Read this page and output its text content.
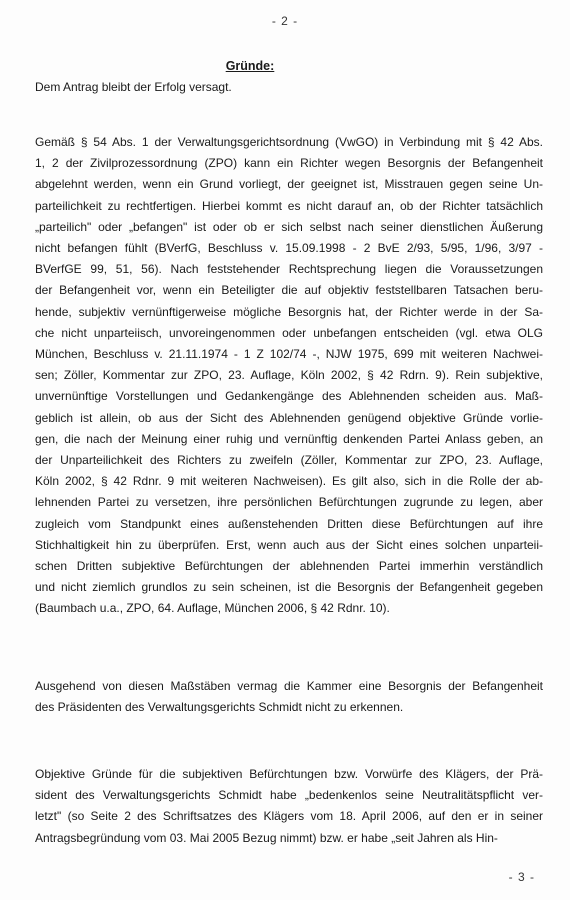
- 2 -
Gründe:
Dem Antrag bleibt der Erfolg versagt.
Gemäß § 54 Abs. 1 der Verwaltungsgerichtsordnung (VwGO) in Verbindung mit § 42 Abs.
1, 2 der Zivilprozessordnung (ZPO) kann ein Richter wegen Besorgnis der Befangenheit
abgelehnt werden, wenn ein Grund vorliegt, der geeignet ist, Misstrauen gegen seine Un-
parteilichkeit zu rechtfertigen. Hierbei kommt es nicht darauf an, ob der Richter tatsächlich
„parteilich" oder „befangen" ist oder ob er sich selbst nach seiner dienstlichen Äußerung
nicht befangen fühlt (BVerfG, Beschluss v. 15.09.1998 - 2 BvE 2/93, 5/95, 1/96, 3/97 -
BVerfGE 99, 51, 56). Nach feststehender Rechtsprechung liegen die Voraussetzungen
der Befangenheit vor, wenn ein Beteiligter die auf objektiv feststellbaren Tatsachen beru-
hende, subjektiv vernünftigerweise mögliche Besorgnis hat, der Richter werde in der Sa-
che nicht unparteiisch, unvoreingenommen oder unbefangen entscheiden (vgl. etwa OLG
München, Beschluss v. 21.11.1974 - 1 Z 102/74 -, NJW 1975, 699 mit weiteren Nachwei-
sen; Zöller, Kommentar zur ZPO, 23. Auflage, Köln 2002, § 42 Rdrn. 9). Rein subjektive,
unvernünftige Vorstellungen und Gedankengänge des Ablehnenden scheiden aus. Maß-
geblich ist allein, ob aus der Sicht des Ablehnenden genügend objektive Gründe vorlie-
gen, die nach der Meinung einer ruhig und vernünftig denkenden Partei Anlass geben, an
der Unparteilichkeit des Richters zu zweifeln (Zöller, Kommentar zur ZPO, 23. Auflage,
Köln 2002, § 42 Rdnr. 9 mit weiteren Nachweisen). Es gilt also, sich in die Rolle der ab-
lehnenden Partei zu versetzen, ihre persönlichen Befürchtungen zugrunde zu legen, aber
zugleich vom Standpunkt eines außenstehenden Dritten diese Befürchtungen auf ihre
Stichhaltigkeit hin zu überprüfen. Erst, wenn auch aus der Sicht eines solchen unparteii-
schen Dritten subjektive Befürchtungen der ablehnenden Partei immerhin verständlich
und nicht ziemlich grundlos zu sein scheinen, ist die Besorgnis der Befangenheit gegeben
(Baumbach u.a., ZPO, 64. Auflage, München 2006, § 42 Rdnr. 10).
Ausgehend von diesen Maßstäben vermag die Kammer eine Besorgnis der Befangenheit
des Präsidenten des Verwaltungsgerichts Schmidt nicht zu erkennen.
Objektive Gründe für die subjektiven Befürchtungen bzw. Vorwürfe des Klägers, der Prä-
sident des Verwaltungsgerichts Schmidt habe „bedenkenlos seine Neutralitätspflicht ver-
letzt" (so Seite 2 des Schriftsatzes des Klägers vom 18. April 2006, auf den er in seiner
Antragsbegründung vom 03. Mai 2005 Bezug nimmt) bzw. er habe „seit Jahren als Hin-
- 3 -
